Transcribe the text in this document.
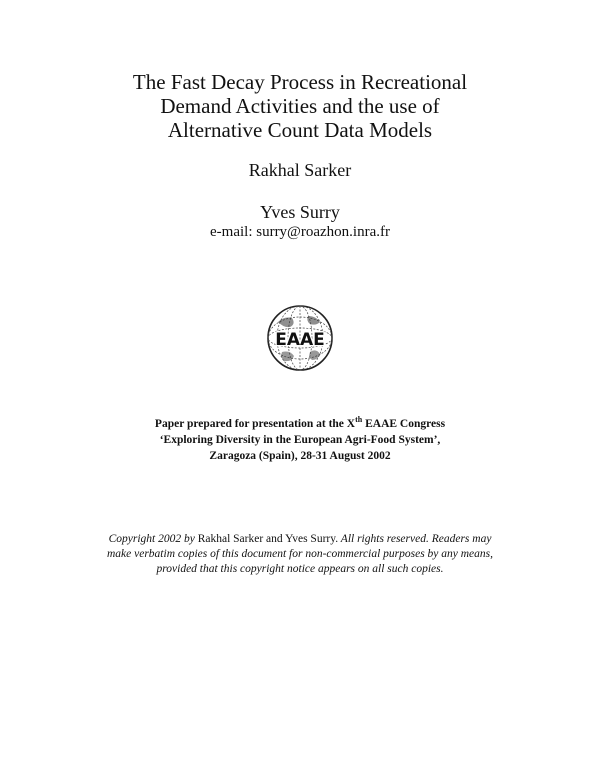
The Fast Decay Process in Recreational
Demand Activities and the use of
Alternative Count Data Models
Rakhal Sarker
Yves Surry
e-mail: surry@roazhon.inra.fr
EAAE
Paper prepared for presentation at the Xth EAAE Congress
‘Exploring Diversity in the European Agri-Food System’,
Zaragoza (Spain), 28-31 August 2002
Copyright 2002 by Rakhal Sarker and Yves Surry. All rights reserved. Readers may
make verbatim copies of this document for non-commercial purposes by any means,
provided that this copyright notice appears on all such copies.
